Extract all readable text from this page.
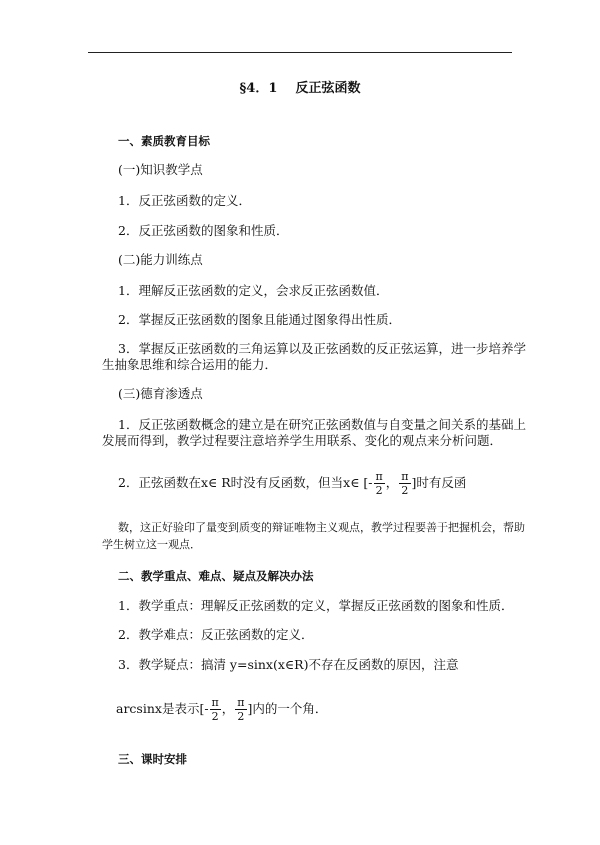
§4．1    反正弦函数
一、素质教育目标
(一)知识教学点
1．反正弦函数的定义．
2．反正弦函数的图象和性质．
(二)能力训练点
1．理解反正弦函数的定义，会求反正弦函数值．
2．掌握反正弦函数的图象且能通过图象得出性质．
3．掌握反正弦函数的三角运算以及正弦函数的反正弦运算，进一步培养学
生抽象思维和综合运用的能力．
(三)德育渗透点
1．反正弦函数概念的建立是在研究正弦函数值与自变量之间关系的基础上
发展而得到，教学过程要注意培养学生用联系、变化的观点来分析问题．
2．正弦函数在x∈ R时没有反函数，但当x∈ [- $\frac{\pi}{2}$ ， $\frac{\pi}{2}$ ]时有反函
数，这正好验印了量变到质变的辩证唯物主义观点，教学过程要善于把握机会，帮助
学生树立这一观点．
二、教学重点、难点、疑点及解决办法
1．教学重点：理解反正弦函数的定义，掌握反正弦函数的图象和性质．
2．教学难点：反正弦函数的定义．
3．教学疑点：搞清 y=sinx(x∈R)不存在反函数的原因，注意
arcsinx是表示[- $\frac{\pi}{2}$ ， $\frac{\pi}{2}$ ]内的一个角．
三、课时安排
